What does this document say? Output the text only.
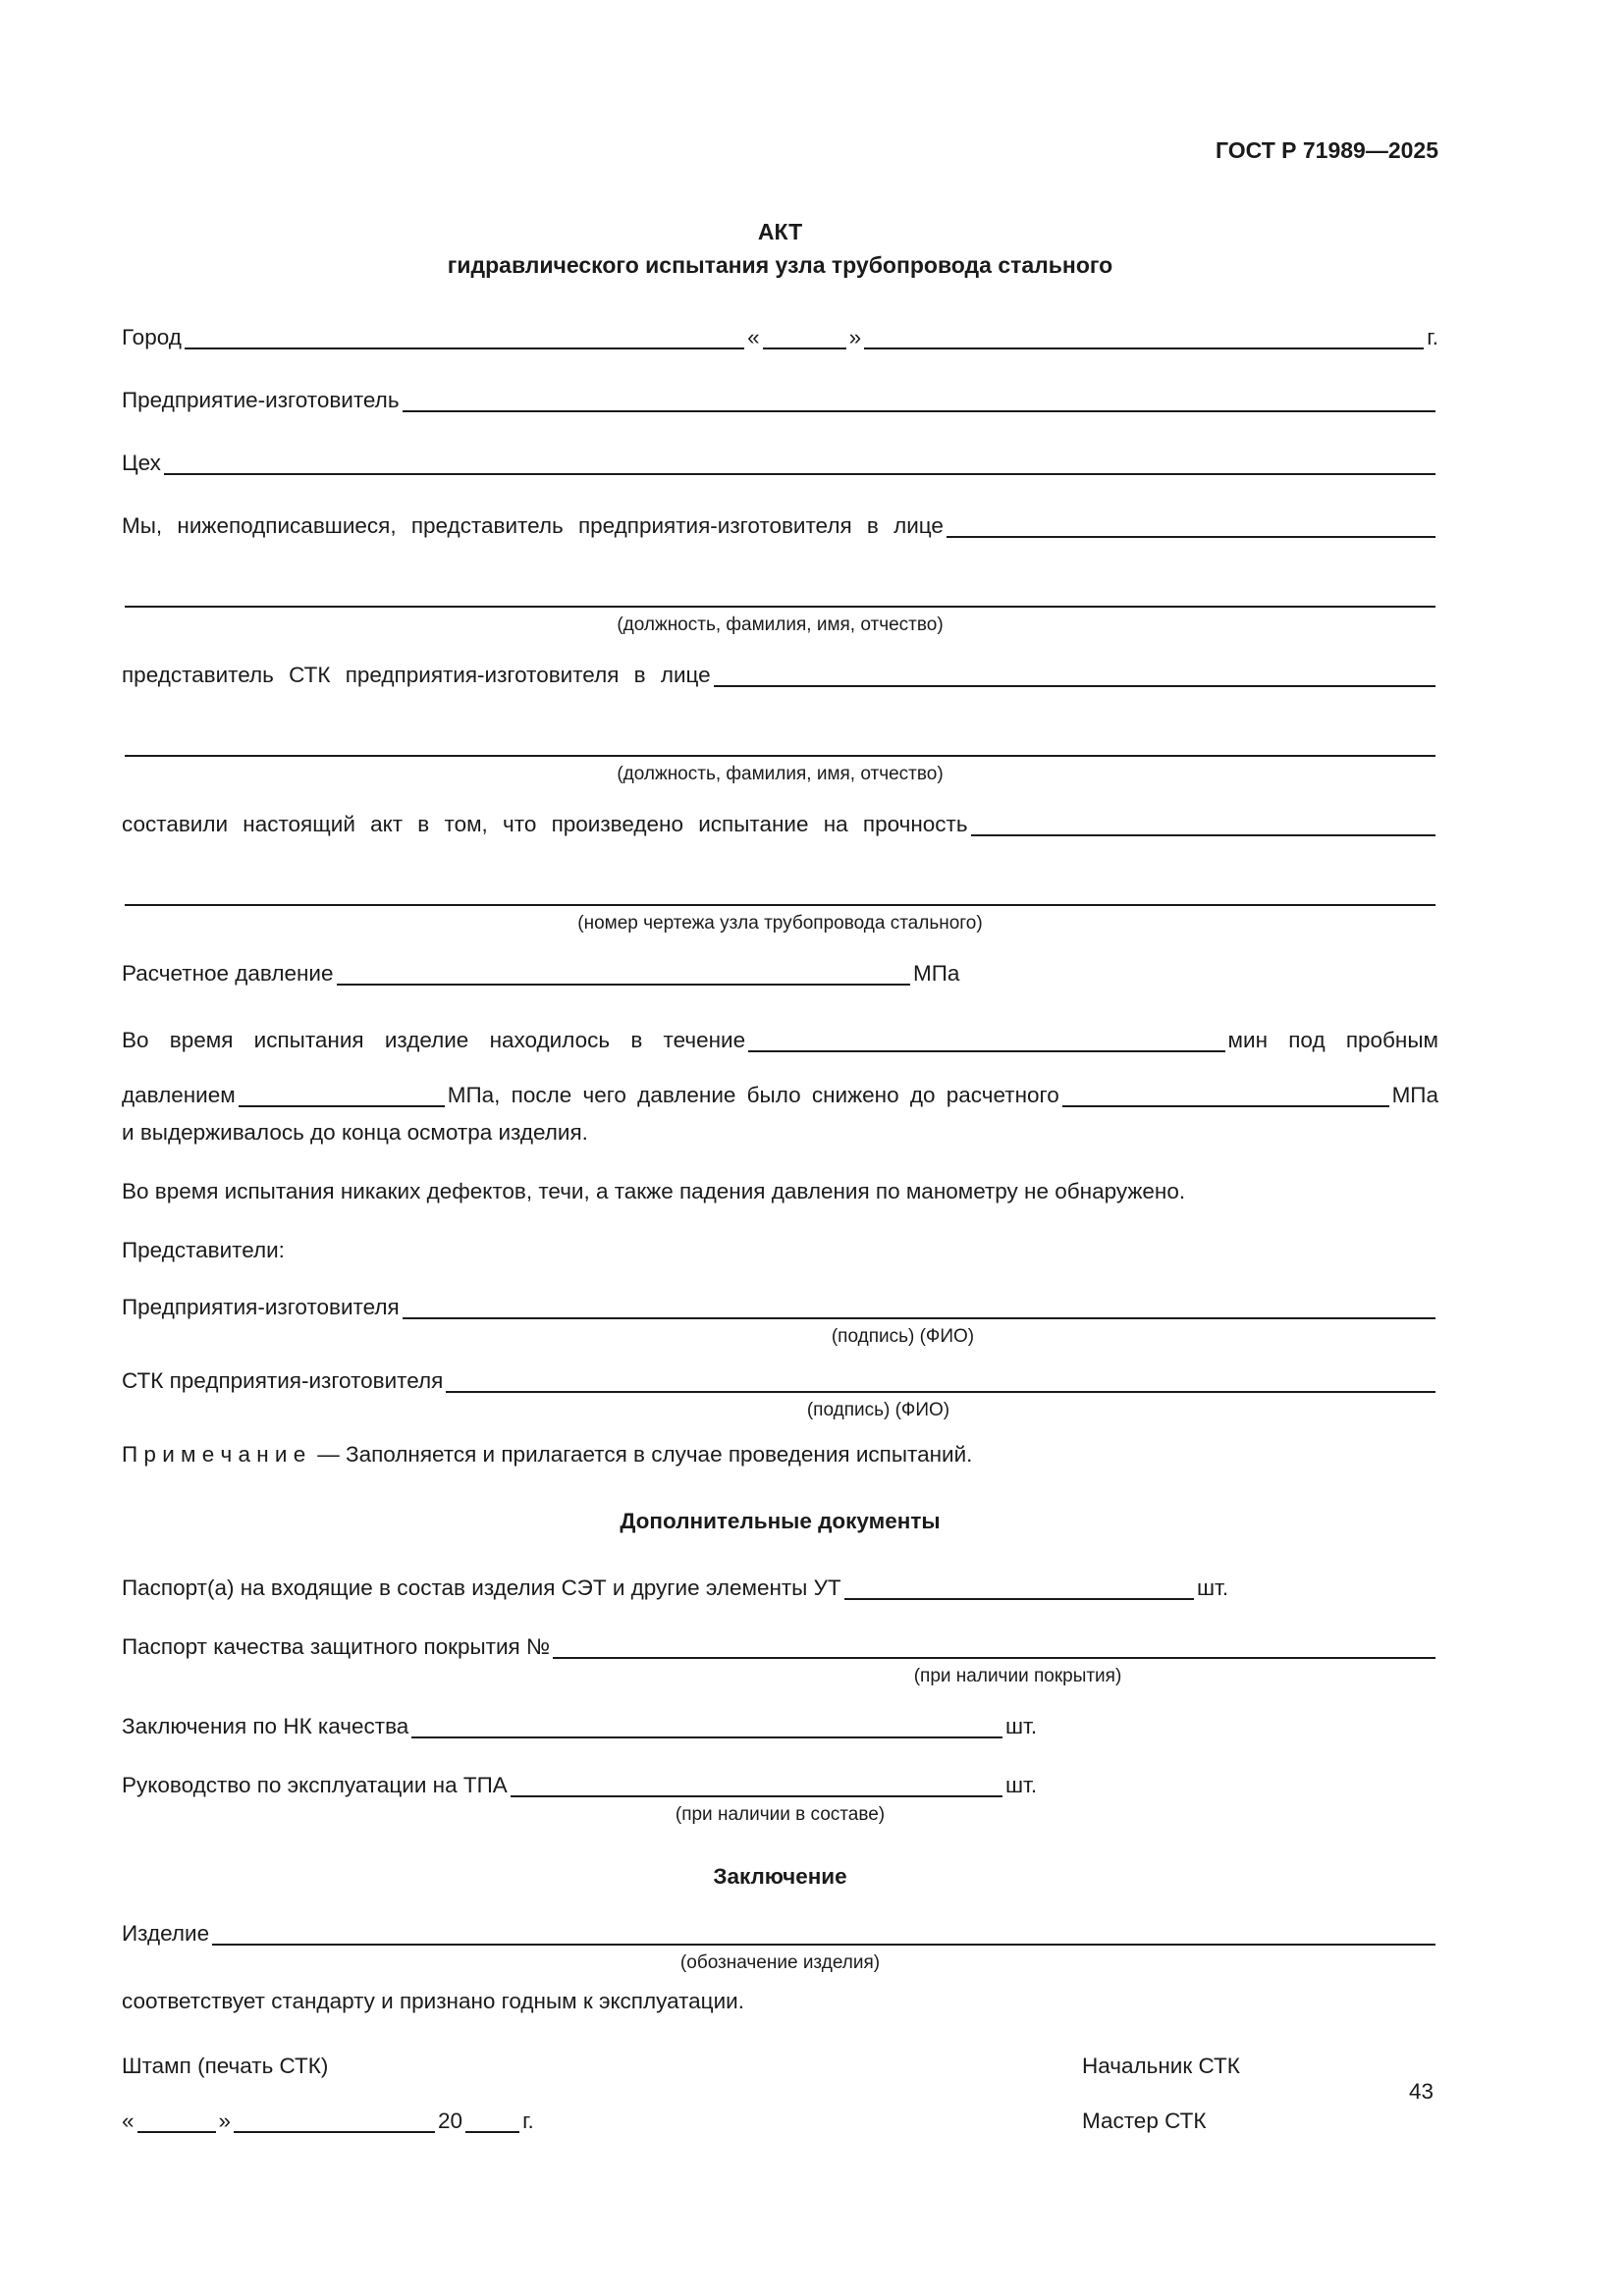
ГОСТ Р 71989—2025
АКТ
гидравлического испытания узла трубопровода стального
Город	«	»	г.
Предприятие-изготовитель
Цех
Мы, нижеподписавшиеся, представитель предприятия-изготовителя в лице
(должность, фамилия, имя, отчество)
представитель СТК предприятия-изготовителя в лице
(должность, фамилия, имя, отчество)
составили настоящий акт в том, что произведено испытание на прочность
(номер чертежа узла трубопровода стального)
Расчетное давление	МПа
Во время испытания изделие находилось в течение	мин под пробным
давлением	МПа, после чего давление было снижено до расчетного	МПа
и выдерживалось до конца осмотра изделия.
Во время испытания никаких дефектов, течи, а также падения давления по манометру не обнаружено.
Представители:
Предприятия-изготовителя
(подпись) (ФИО)
СТК предприятия-изготовителя
(подпись) (ФИО)
П р и м е ч а н и е — Заполняется и прилагается в случае проведения испытаний.
Дополнительные документы
Паспорт(а) на входящие в состав изделия СЭТ и другие элементы УТ	шт.
Паспорт качества защитного покрытия №
(при наличии покрытия)
Заключения по НК качества	шт.
Руководство по эксплуатации на ТПА	шт.
(при наличии в составе)
Заключение
Изделие
(обозначение изделия)
соответствует стандарту и признано годным к эксплуатации.
Штамп (печать СТК)	Начальник СТК
«	»	20	г.	Мастер СТК
43
